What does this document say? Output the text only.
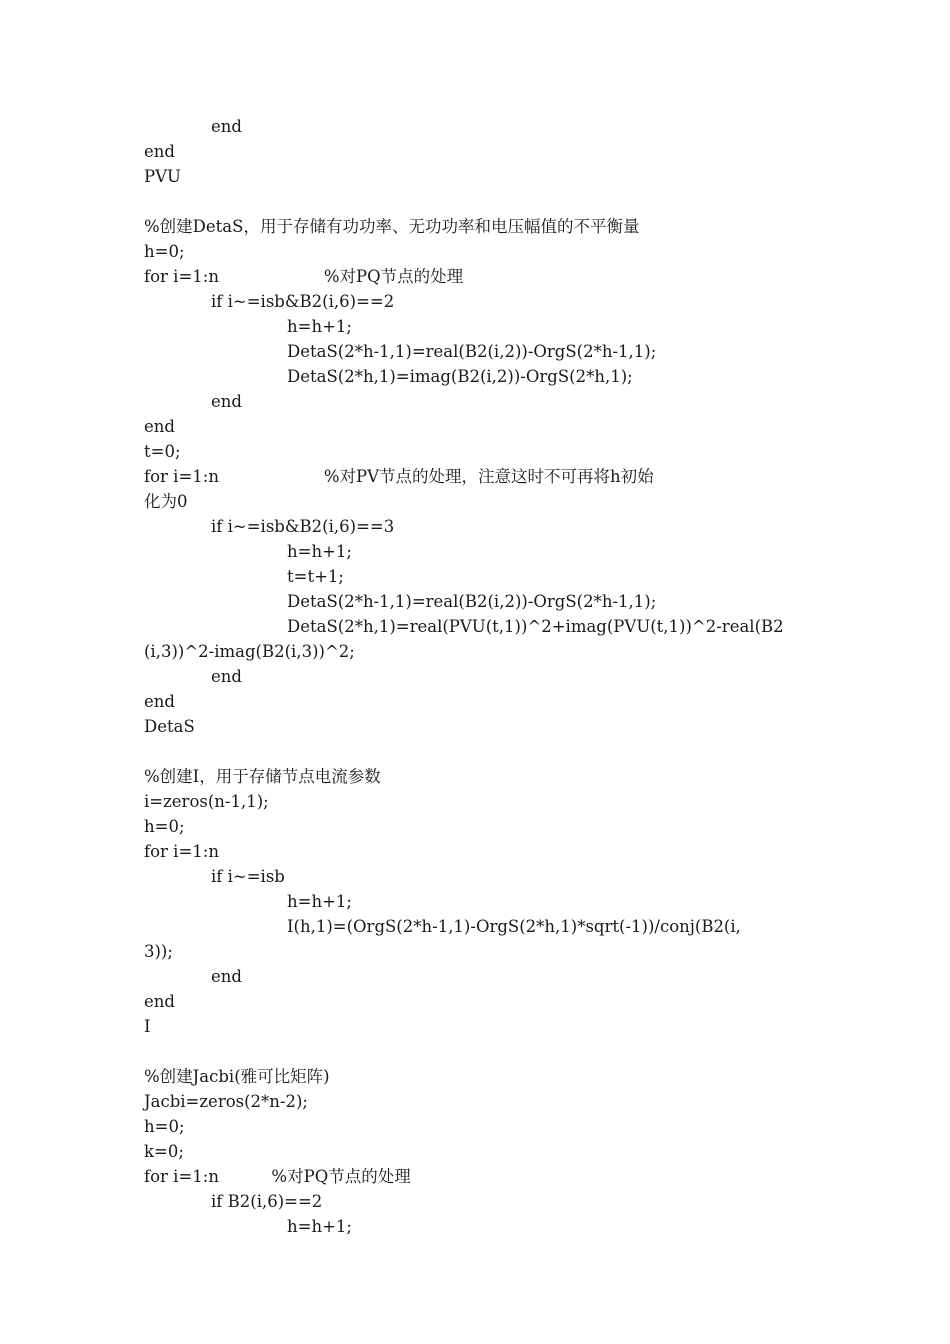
end
end
PVU
%创建DetaS，用于存储有功功率、无功功率和电压幅值的不平衡量
h=0;
for i=1:n                    %对PQ节点的处理
if i~=isb&B2(i,6)==2
h=h+1;
DetaS(2*h-1,1)=real(B2(i,2))-OrgS(2*h-1,1);
DetaS(2*h,1)=imag(B2(i,2))-OrgS(2*h,1);
end
end
t=0;
for i=1:n                    %对PV节点的处理，注意这时不可再将h初始
化为0
if i~=isb&B2(i,6)==3
h=h+1;
t=t+1;
DetaS(2*h-1,1)=real(B2(i,2))-OrgS(2*h-1,1);
DetaS(2*h,1)=real(PVU(t,1))^2+imag(PVU(t,1))^2-real(B2
(i,3))^2-imag(B2(i,3))^2;
end
end
DetaS
%创建I，用于存储节点电流参数
i=zeros(n-1,1);
h=0;
for i=1:n
if i~=isb
h=h+1;
I(h,1)=(OrgS(2*h-1,1)-OrgS(2*h,1)*sqrt(-1))/conj(B2(i,
3));
end
end
I
%创建Jacbi(雅可比矩阵)
Jacbi=zeros(2*n-2);
h=0;
k=0;
for i=1:n          %对PQ节点的处理
if B2(i,6)==2
h=h+1;
